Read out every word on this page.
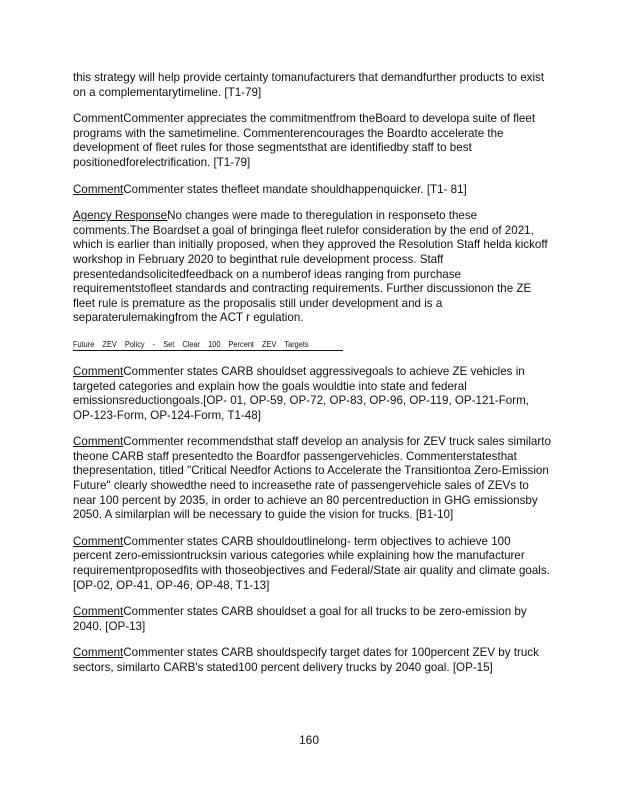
this strategy will help provide certainty tomanufacturers that demandfurther products to exist on a complementarytimeline. [T1-79]

CommentCommenter appreciates the commitmentfrom theBoard to developa suite of fleet programs with the sametimeline. Commenterencourages the Boardto accelerate the development of fleet rules for those segmentsthat are identifiedby staff to best positionedforelectrification. [T1-79]

CommentCommenter states thefleet mandate shouldhappenquicker. [T1- 81]

Agency ResponseNo changes were made to theregulation in responseto these comments.The Boardset a goal of bringinga fleet rulefor consideration by the end of 2021, which is earlier than initially proposed, when they approved the Resolution Staff helda kickoff workshop in February 2020 to beginthat rule development process. Staff presentedandsolicitedfeedback on a numberof ideas ranging from purchase requirementstofleet standards and contracting requirements. Further discussionon the ZE fleet rule is premature as the proposalis still under development and is a separaterulemakingfrom the ACT r egulation.

Future ZEV Policy - Set Clear 100 Percent ZEV Targets

CommentCommenter states CARB shouldset aggressivegoals to achieve ZE vehicles in targeted categories and explain how the goals wouldtie into state and federal emissionsreductiongoals.[OP- 01, OP-59, OP-72, OP-83, OP-96, OP-119, OP-121-Form, OP-123-Form, OP-124-Form, T1-48]

CommentCommenter recommendsthat staff develop an analysis for ZEV truck sales similarto theone CARB staff presentedto the Boardfor passengervehicles. Commenterstatesthat thepresentation, titled "Critical Needfor Actions to Accelerate the Transitiontoa Zero-Emission Future" clearly showedthe need to increasethe rate of passengervehicle sales of ZEVs to near 100 percent by 2035, in order to achieve an 80 percentreduction in GHG emissionsby 2050. A similarplan will be necessary to guide the vision for trucks. [B1-10]

CommentCommenter states CARB shouldoutlinelong- term objectives to achieve 100 percent zero-emissiontrucksin various categories while explaining how the manufacturer requirementproposedfits with thoseobjectives and Federal/State air quality and climate goals. [OP-02, OP-41, OP-46, OP-48, T1-13]

CommentCommenter states CARB shouldset a goal for all trucks to be zero-emission by 2040. [OP-13]

CommentCommenter states CARB shouldspecify target dates for 100percent ZEV by truck sectors, similarto CARB's stated100 percent delivery trucks by 2040 goal. [OP-15]

160
